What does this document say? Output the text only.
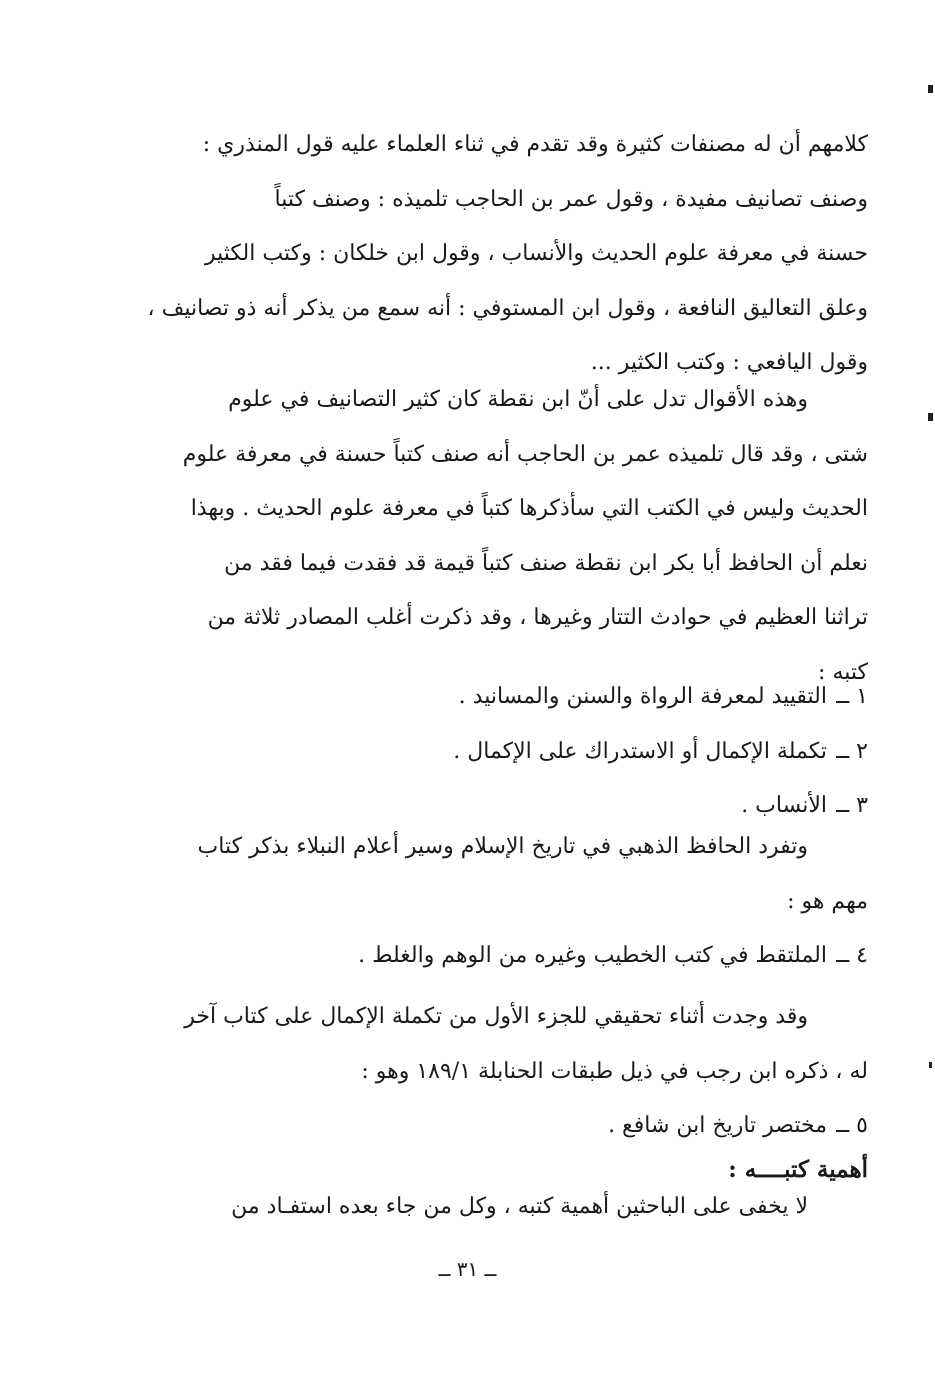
كلامهم أن له مصنفات كثيرة وقد تقدم في ثناء العلماء عليه قول المنذري :
وصنف تصانيف مفيدة ، وقول عمر بن الحاجب تلميذه : وصنف كتباً
حسنة في معرفة علوم الحديث والأنساب ، وقول ابن خلكان : وكتب الكثير
وعلق التعاليق النافعة ، وقول ابن المستوفي : أنه سمع من يذكر أنه ذو تصانيف ،
وقول اليافعي : وكتب الكثير ...
وهذه الأقوال تدل على أنّ ابن نقطة كان كثير التصانيف في علوم
شتى ، وقد قال تلميذه عمر بن الحاجب أنه صنف كتباً حسنة في معرفة علوم
الحديث وليس في الكتب التي سأذكرها كتباً في معرفة علوم الحديث . وبهذا
نعلم أن الحافظ أبا بكر ابن نقطة صنف كتباً قيمة قد فقدت فيما فقد من
تراثنا العظيم في حوادث التتار وغيرها ، وقد ذكرت أغلب المصادر ثلاثة من
كتبه :
١ ــ التقييد لمعرفة الرواة والسنن والمسانيد .
٢ ــ تكملة الإكمال أو الاستدراك على الإكمال .
٣ ــ الأنساب .
وتفرد الحافظ الذهبي في تاريخ الإسلام وسير أعلام النبلاء بذكر كتاب
مهم هو :
٤ ــ الملتقط في كتب الخطيب وغيره من الوهم والغلط .
وقد وجدت أثناء تحقيقي للجزء الأول من تكملة الإكمال على كتاب آخر
له ، ذكره ابن رجب في ذيل طبقات الحنابلة ١٨٩/١ وهو :
٥ ــ مختصر تاريخ ابن شافع .
أهمية كتبــــه :
لا يخفى على الباحثين أهمية كتبه ، وكل من جاء بعده استفـاد من
ــ ٣١ ــ
